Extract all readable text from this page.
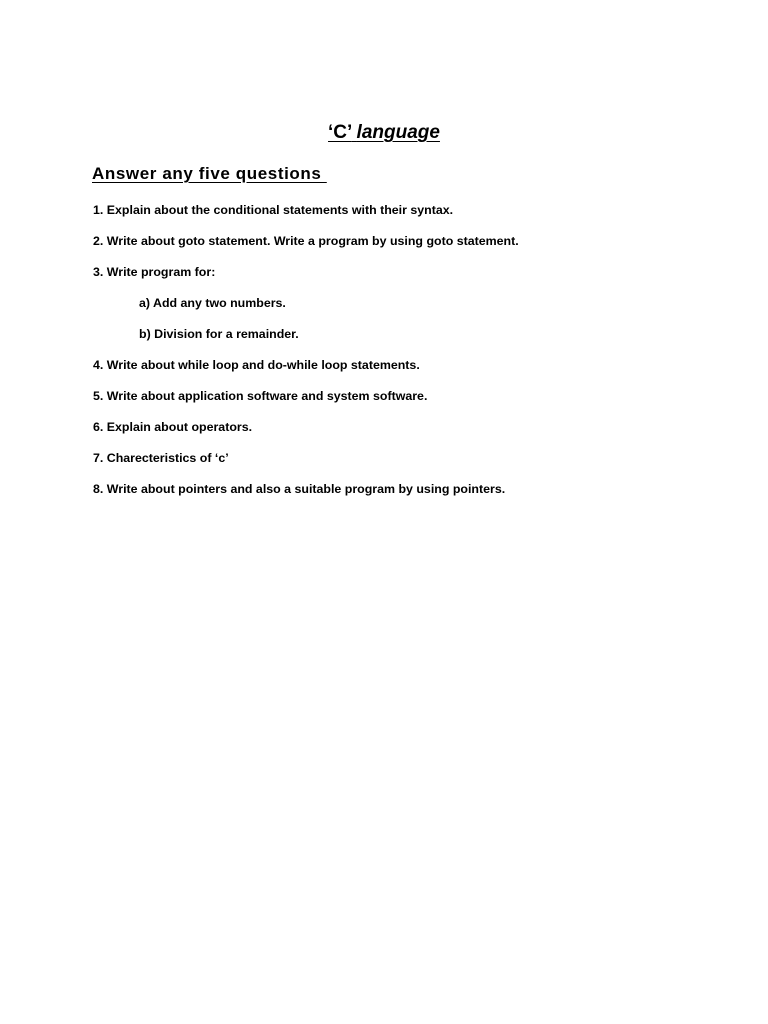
‘C’ language
Answer any five questions
1. Explain about the conditional statements with their syntax.
2. Write about goto statement. Write a program by using goto statement.
3. Write program for:
a) Add any two numbers.
b) Division for a remainder.
4. Write about while loop and do-while loop statements.
5. Write about application software and system software.
6. Explain about operators.
7. Charecteristics of ‘c’
8. Write about pointers and also a suitable program by using pointers.
